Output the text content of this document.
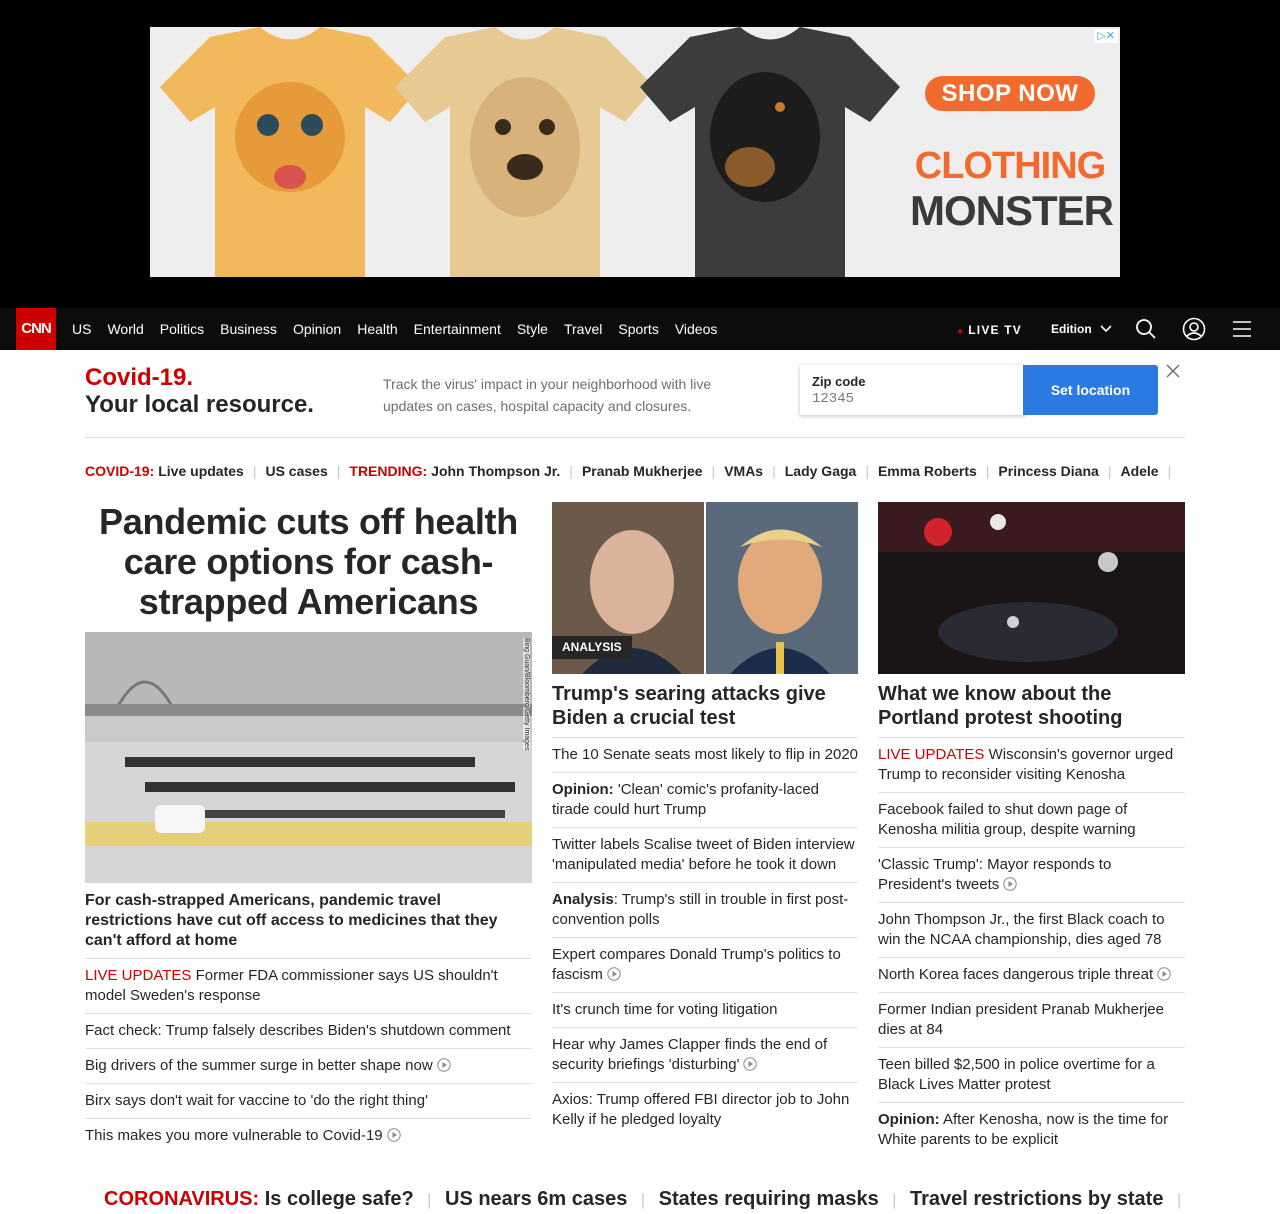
SHOP NOW
CLOTHING
MONSTER
▷✕
CNN	US	World	Politics	Business	Opinion	Health	Entertainment	Style	Travel	Sports	Videos	● LIVE TV Edition
Covid-19.
Your local resource.
Track the virus' impact in your neighborhood with live updates on cases, hospital capacity and closures.
Zip code
12345
Set location
COVID-19: Live updates | US cases | TRENDING: John Thompson Jr. | Pranab Mukherjee | VMAs | Lady Gaga | Emma Roberts | Princess Diana | Adele |
Pandemic cuts off health care options for cash-strapped Americans
Bing Guan/Bloomberg/Getty Images
For cash-strapped Americans, pandemic travel restrictions have cut off access to medicines that they can't afford at home
LIVE UPDATES Former FDA commissioner says US shouldn't model Sweden's response
Fact check: Trump falsely describes Biden's shutdown comment
Big drivers of the summer surge in better shape now
Birx says don't wait for vaccine to 'do the right thing'
This makes you more vulnerable to Covid-19
ANALYSIS
Trump's searing attacks give Biden a crucial test
The 10 Senate seats most likely to flip in 2020
Opinion: 'Clean' comic's profanity-laced tirade could hurt Trump
Twitter labels Scalise tweet of Biden interview 'manipulated media' before he took it down
Analysis: Trump's still in trouble in first post-convention polls
Expert compares Donald Trump's politics to fascism
It's crunch time for voting litigation
Hear why James Clapper finds the end of security briefings 'disturbing'
Axios: Trump offered FBI director job to John Kelly if he pledged loyalty
What we know about the Portland protest shooting
LIVE UPDATES Wisconsin's governor urged Trump to reconsider visiting Kenosha
Facebook failed to shut down page of Kenosha militia group, despite warning
'Classic Trump': Mayor responds to President's tweets
John Thompson Jr., the first Black coach to win the NCAA championship, dies aged 78
North Korea faces dangerous triple threat
Former Indian president Pranab Mukherjee dies at 84
Teen billed $2,500 in police overtime for a Black Lives Matter protest
Opinion: After Kenosha, now is the time for White parents to be explicit
CORONAVIRUS: Is college safe? | US nears 6m cases | States requiring masks | Travel restrictions by state |
